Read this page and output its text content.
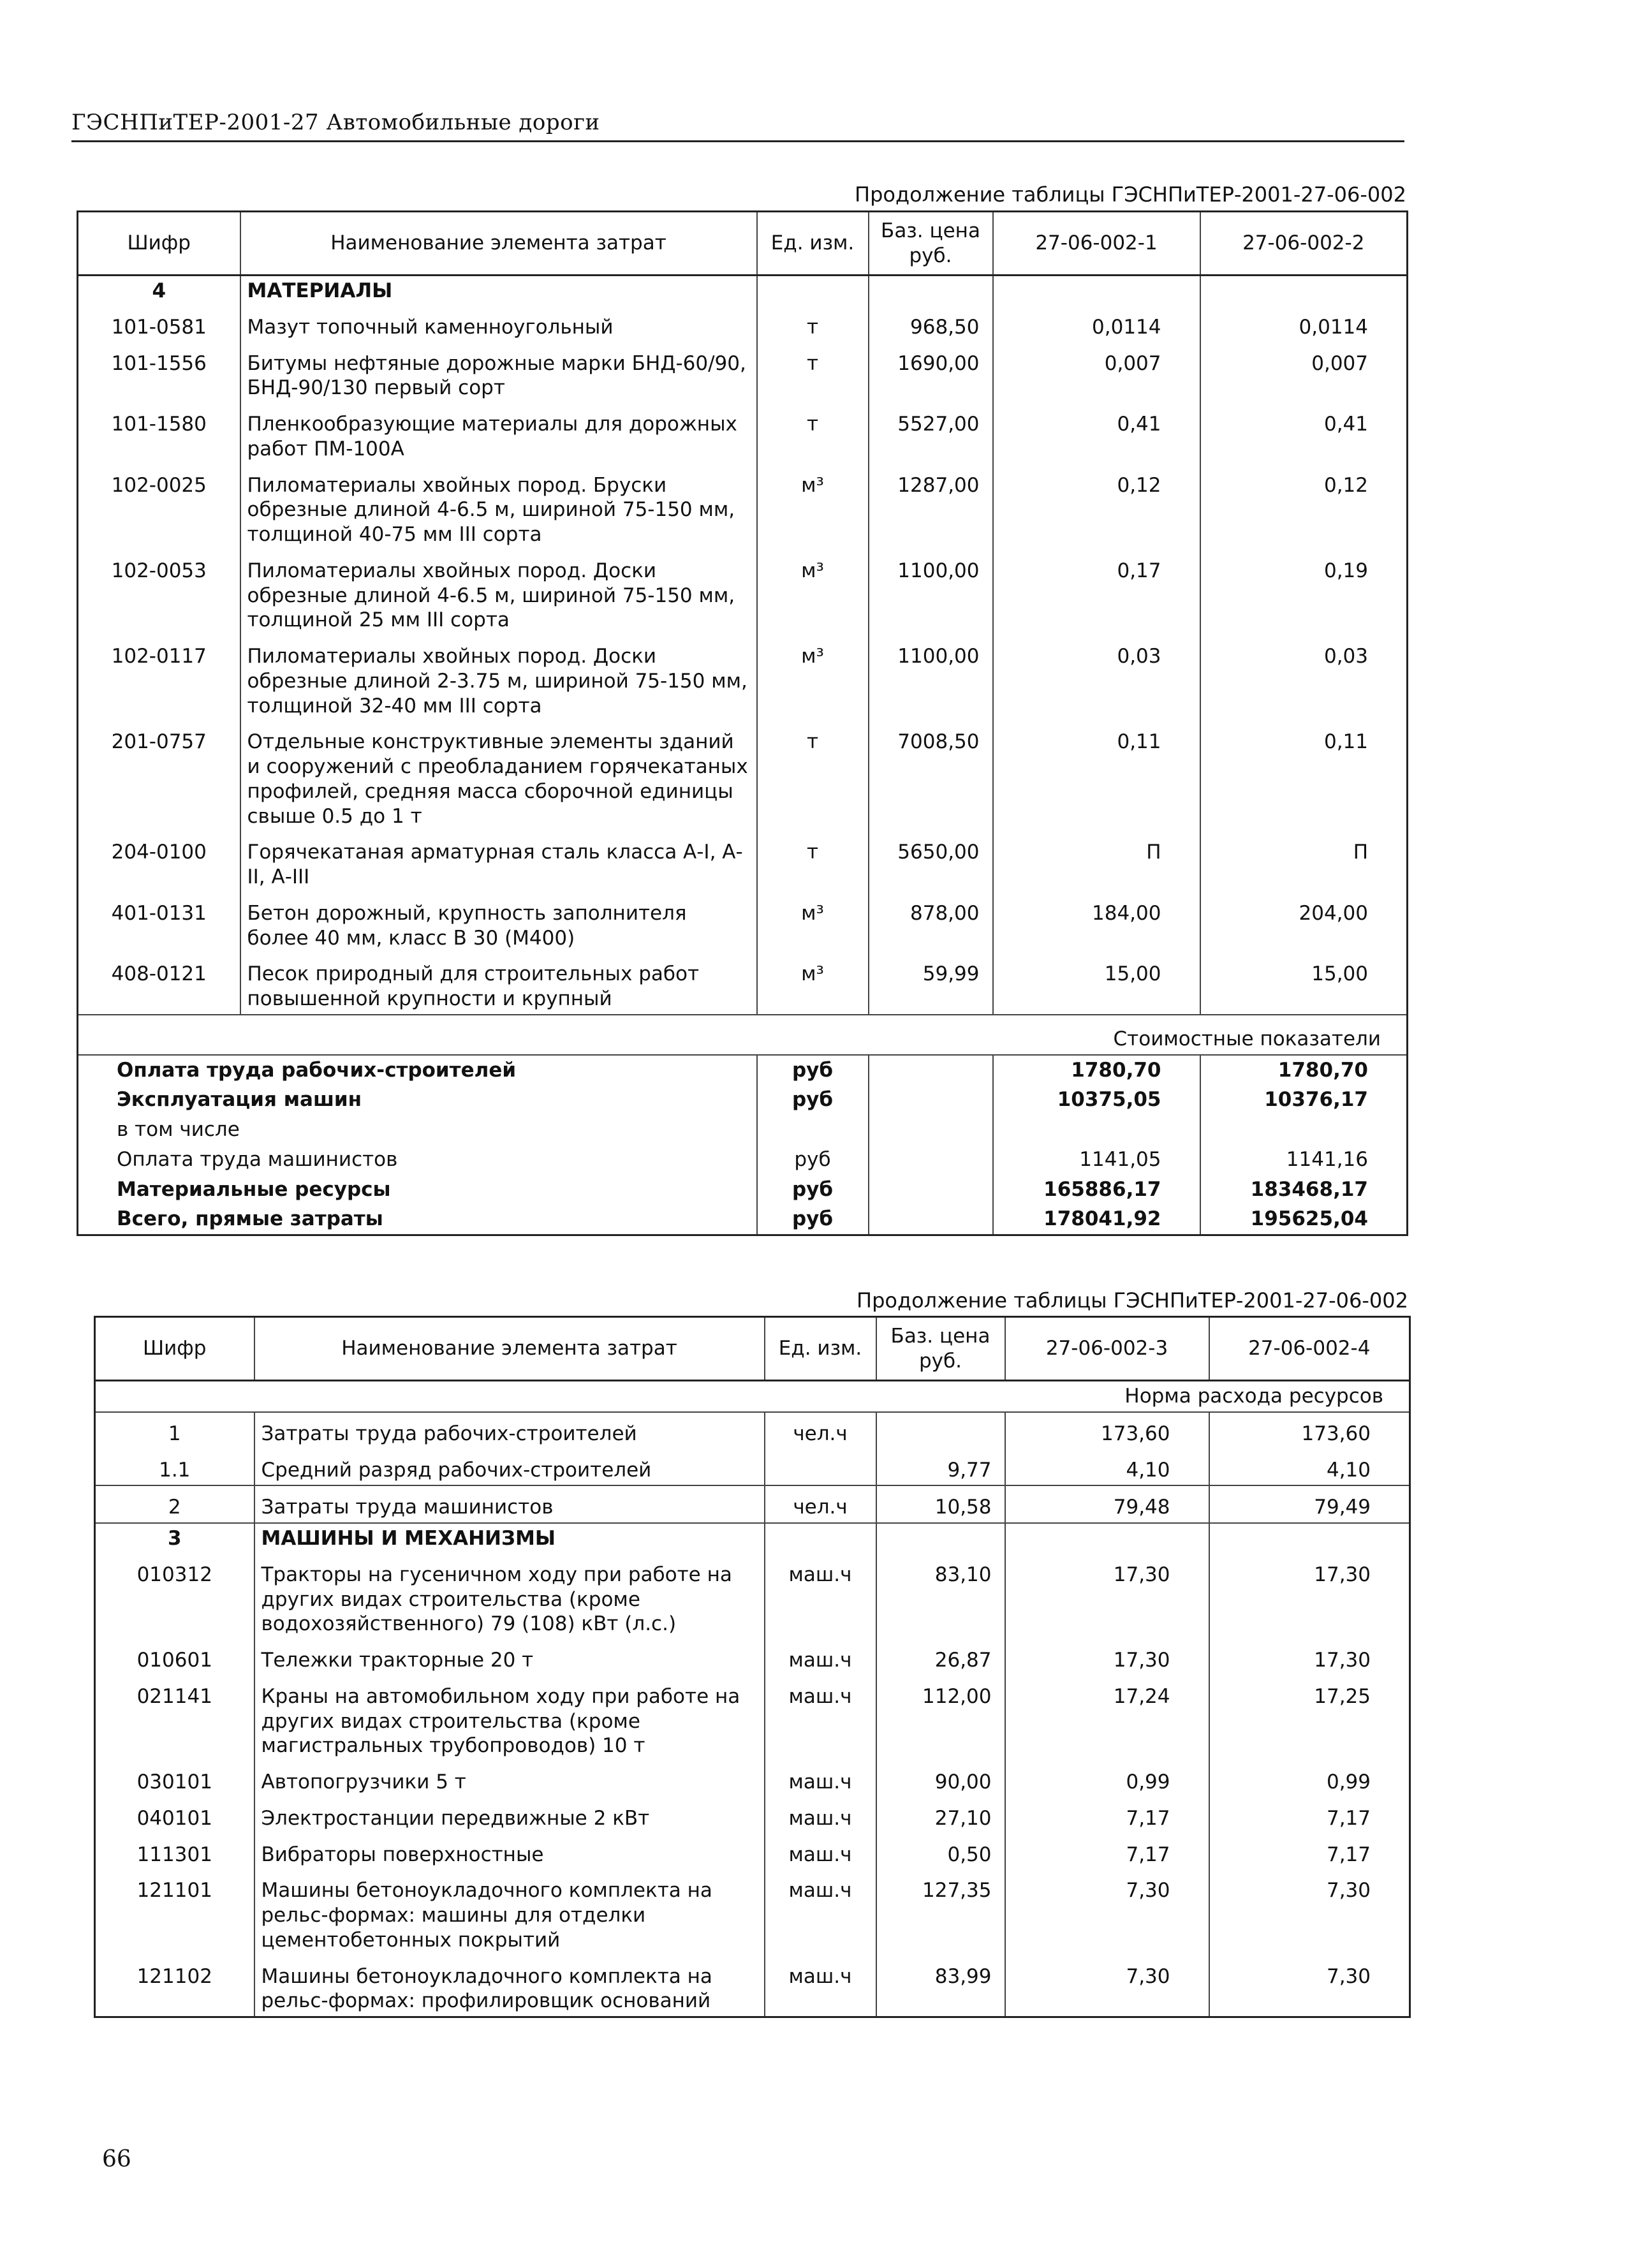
ГЭСНПиТЕР-2001-27 Автомобильные дороги
Продолжение таблицы ГЭСНПиТЕР-2001-27-06-002
Шифр	Наименование элемента затрат	Ед. изм.	Баз. цена руб.	27-06-002-1	27-06-002-2
4	МАТЕРИАЛЫ				
101-0581	Мазут топочный каменноугольный	т	968,50	0,0114	0,0114
101-1556	Битумы нефтяные дорожные марки БНД-60/90, БНД-90/130 первый сорт	т	1690,00	0,007	0,007
101-1580	Пленкообразующие материалы для дорожных работ ПМ-100А	т	5527,00	0,41	0,41
102-0025	Пиломатериалы хвойных пород. Бруски обрезные длиной 4-6.5 м, шириной 75-150 мм, толщиной 40-75 мм III сорта	м³	1287,00	0,12	0,12
102-0053	Пиломатериалы хвойных пород. Доски обрезные длиной 4-6.5 м, шириной 75-150 мм, толщиной 25 мм III сорта	м³	1100,00	0,17	0,19
102-0117	Пиломатериалы хвойных пород. Доски обрезные длиной 2-3.75 м, шириной 75-150 мм, толщиной 32-40 мм III сорта	м³	1100,00	0,03	0,03
201-0757	Отдельные конструктивные элементы зданий и сооружений с преобладанием горячекатаных профилей, средняя масса сборочной единицы свыше 0.5 до 1 т	т	7008,50	0,11	0,11
204-0100	Горячекатаная арматурная сталь класса А-I, А-II, А-III	т	5650,00	П	П
401-0131	Бетон дорожный, крупность заполнителя более 40 мм, класс В 30 (М400)	м³	878,00	184,00	204,00
408-0121	Песок природный для строительных работ повышенной крупности и крупный	м³	59,99	15,00	15,00
Стоимостные показатели					
Оплата труда рабочих-строителей		руб		1780,70	1780,70
Эксплуатация машин		руб		10375,05	10376,17
в том числе					
Оплата труда машинистов		руб		1141,05	1141,16
Материальные ресурсы		руб		165886,17	183468,17
Всего, прямые затраты		руб		178041,92	195625,04
Продолжение таблицы ГЭСНПиТЕР-2001-27-06-002
Шифр	Наименование элемента затрат	Ед. изм.	Баз. цена руб.	27-06-002-3	27-06-002-4
Норма расхода ресурсов					
1	Затраты труда рабочих-строителей	чел.ч		173,60	173,60
1.1	Средний разряд рабочих-строителей		9,77	4,10	4,10
2	Затраты труда машинистов	чел.ч	10,58	79,48	79,49
3	МАШИНЫ И МЕХАНИЗМЫ				
010312	Тракторы на гусеничном ходу при работе на других видах строительства (кроме водохозяйственного) 79 (108) кВт (л.с.)	маш.ч	83,10	17,30	17,30
010601	Тележки тракторные 20 т	маш.ч	26,87	17,30	17,30
021141	Краны на автомобильном ходу при работе на других видах строительства (кроме магистральных трубопроводов) 10 т	маш.ч	112,00	17,24	17,25
030101	Автопогрузчики 5 т	маш.ч	90,00	0,99	0,99
040101	Электростанции передвижные 2 кВт	маш.ч	27,10	7,17	7,17
111301	Вибраторы поверхностные	маш.ч	0,50	7,17	7,17
121101	Машины бетоноукладочного комплекта на рельс-формах: машины для отделки цементобетонных покрытий	маш.ч	127,35	7,30	7,30
121102	Машины бетоноукладочного комплекта на рельс-формах: профилировщик оснований	маш.ч	83,99	7,30	7,30
66
